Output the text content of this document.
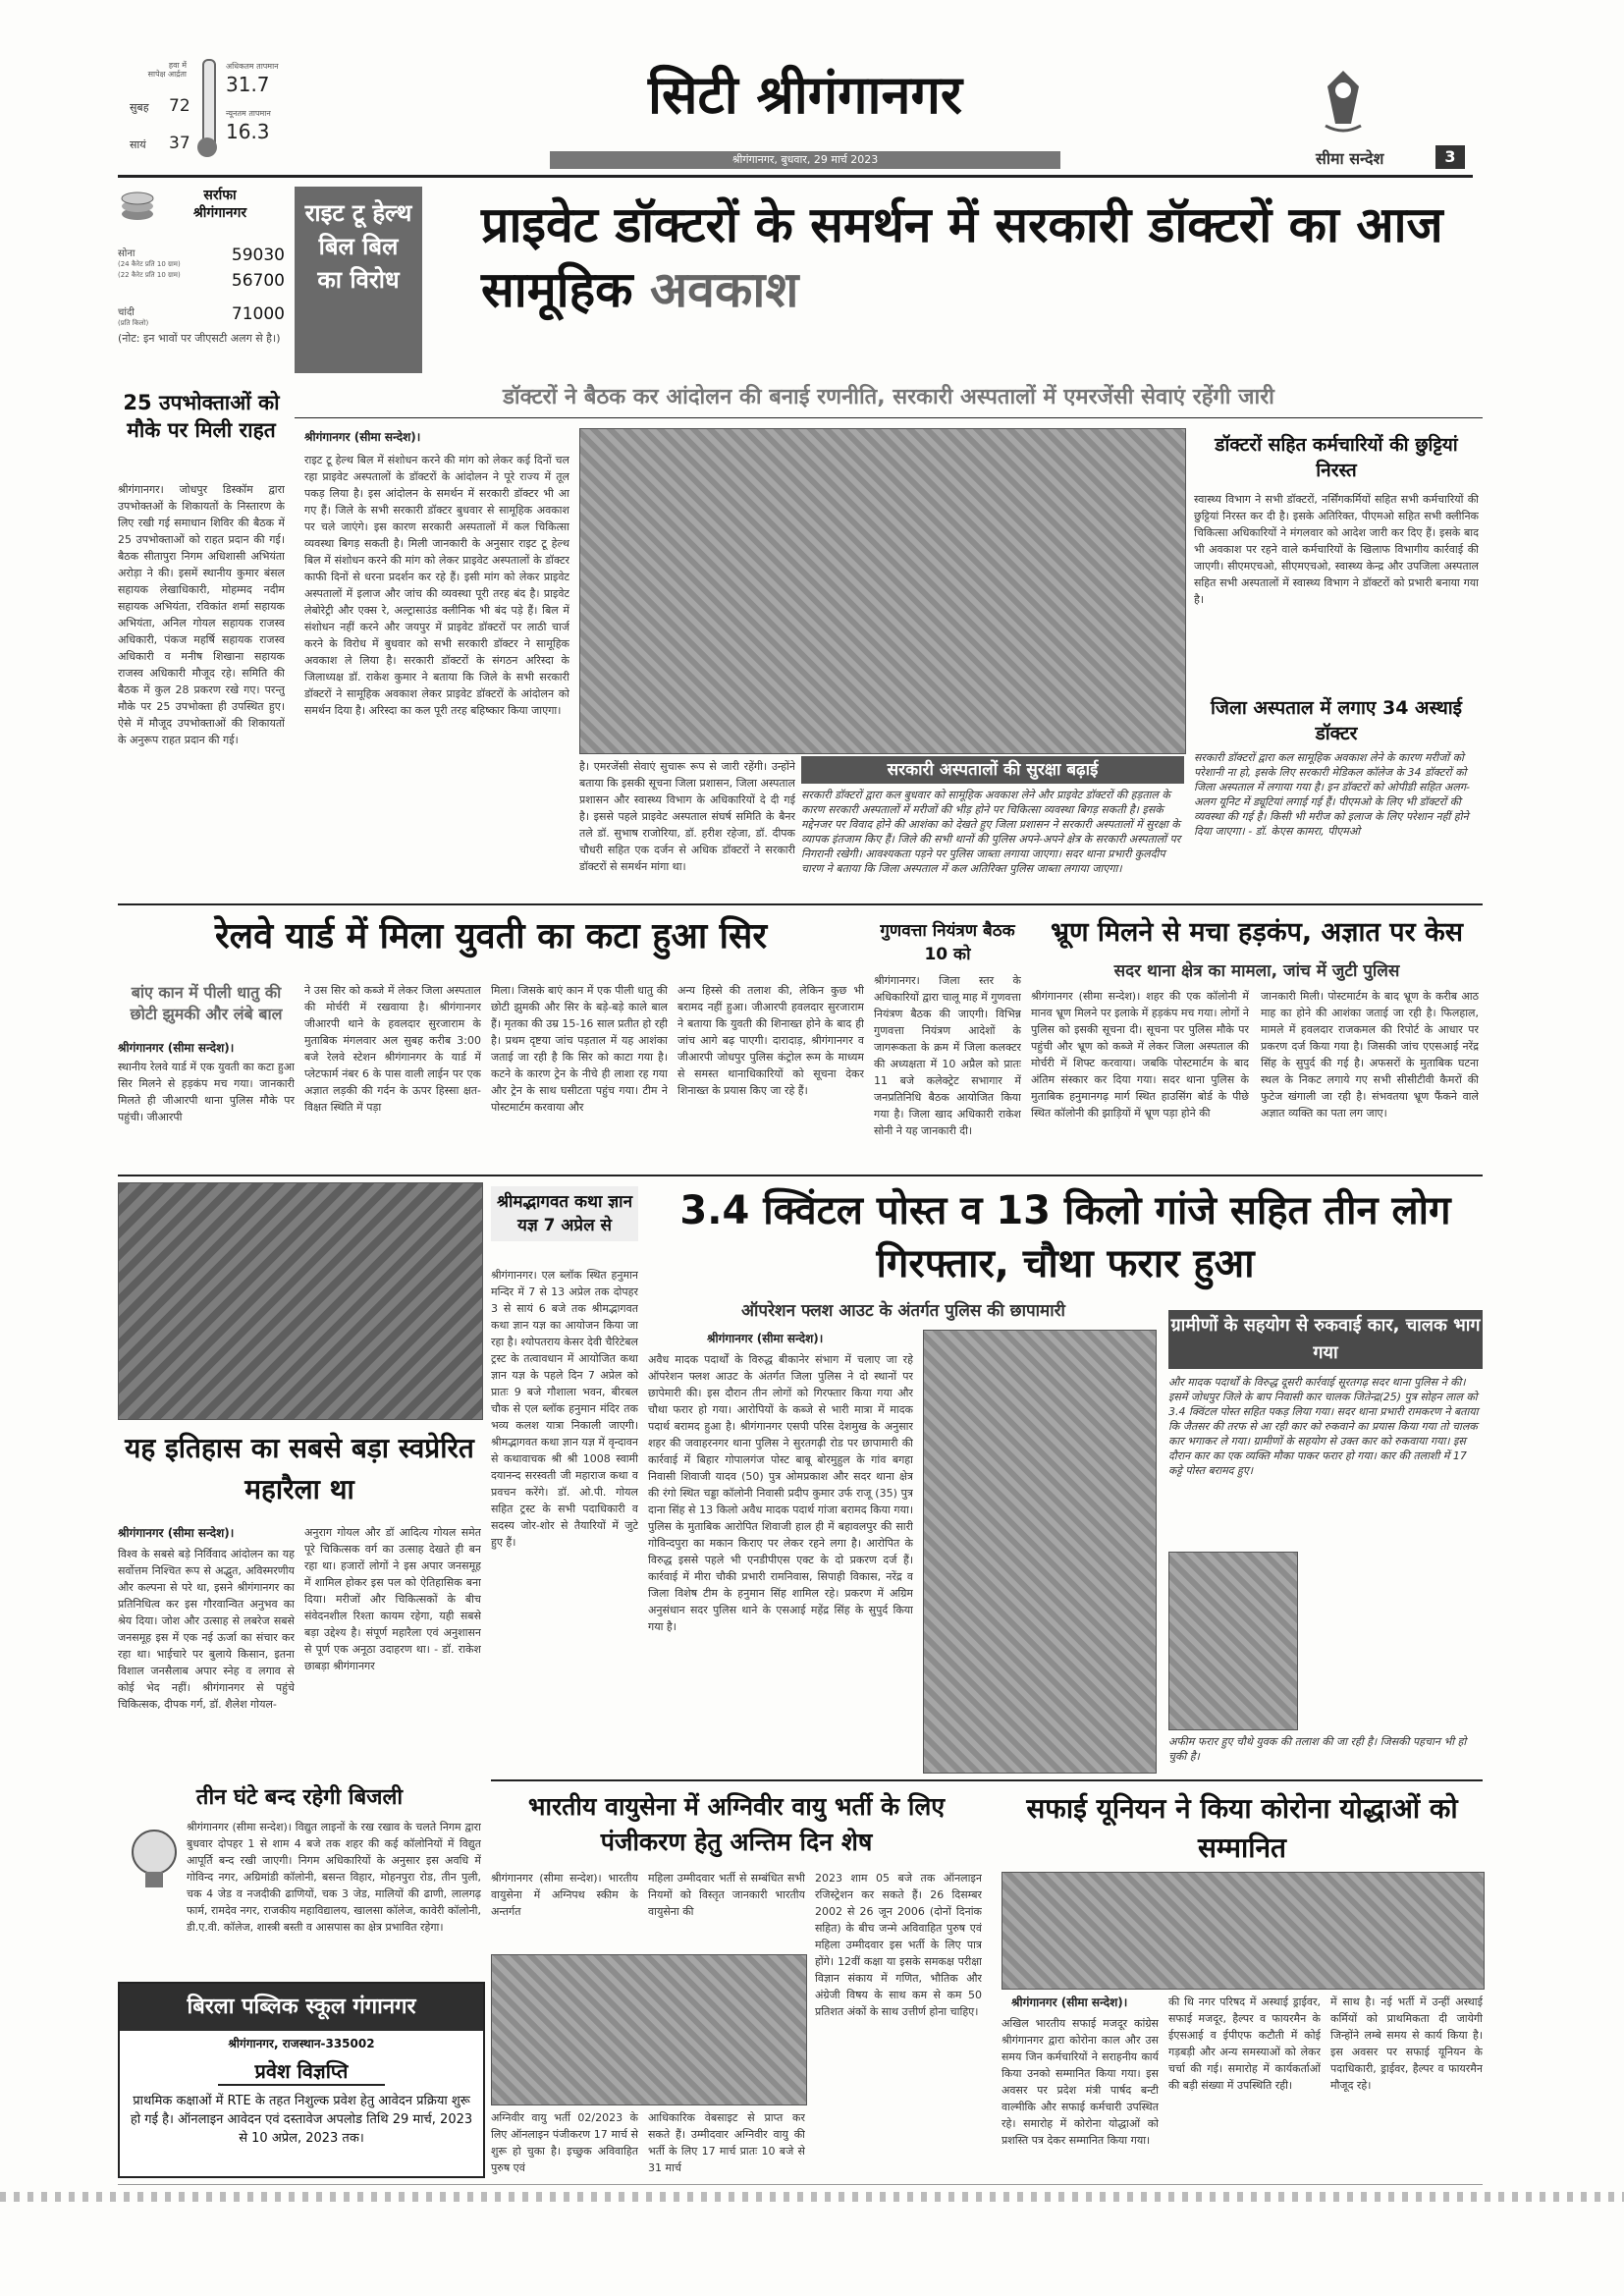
हवा में
सापेक्ष आर्द्रता
सुबह 72
सायं 37
अधिकतम तापमान
31.7
न्यूनतम तापमान
16.3
सिटी श्रीगंगानगर
श्रीगंगानगर, बुधवार, 29 मार्च 2023	सीमा सन्देश	3
सर्राफा
श्रीगंगानगर
सोना
(24 कैरेट प्रति 10 ग्राम)	59030
(22 कैरेट प्रति 10 ग्राम)	56700
चांदी
(प्रति किलो)	71000
(नोट: इन भावों पर जीएसटी अलग से है।)
राइट टू हेल्थ बिल बिल का विरोध
प्राइवेट डॉक्टरों के समर्थन में सरकारी डॉक्टरों का आज सामूहिक अवकाश
डॉक्टरों ने बैठक कर आंदोलन की बनाई रणनीति, सरकारी अस्पतालों में एमरजेंसी सेवाएं रहेंगी जारी
25 उपभोक्ताओं को मौके पर मिली राहत
श्रीगंगानगर। जोधपुर डिस्कॉम द्वारा उपभोक्तओं के शिकायतों के निस्तारण के लिए रखी गई समाधान शिविर की बैठक में 25 उपभोक्ताओं को राहत प्रदान की गई। बैठक सीतापुरा निगम अधिशासी अभियंता अरोड़ा ने की। इसमें स्थानीय कुमार बंसल सहायक लेखाधिकारी, मोहम्मद नदीम सहायक अभियंता, रविकांत शर्मा सहायक अभियंता, अनिल गोयल सहायक राजस्व अधिकारी, पंकज महर्षि सहायक राजस्व अधिकारी व मनीष शिखाना सहायक राजस्व अधिकारी मौजूद रहे। समिति की बैठक में कुल 28 प्रकरण रखे गए। परन्तु मौके पर 25 उपभोक्ता ही उपस्थित हुए। ऐसे में मौजूद उपभोक्ताओं की शिकायतों के अनुरूप राहत प्रदान की गई।
श्रीगंगानगर (सीमा सन्देश)।
राइट टू हेल्थ बिल में संशोधन करने की मांग को लेकर कई दिनों चल रहा प्राइवेट अस्पतालों के डॉक्टरों के आंदोलन ने पूरे राज्य में तूल पकड़ लिया है। इस आंदोलन के समर्थन में सरकारी डॉक्टर भी आ गए हैं। जिले के सभी सरकारी डॉक्टर बुधवार से सामूहिक अवकाश पर चले जाएंगे। इस कारण सरकारी अस्पतालों में कल चिकित्सा व्यवस्था बिगड़ सकती है। मिली जानकारी के अनुसार राइट टू हेल्थ बिल में संशोधन करने की मांग को लेकर प्राइवेट अस्पतालों के डॉक्टर काफी दिनों से धरना प्रदर्शन कर रहे हैं। इसी मांग को लेकर प्राइवेट अस्पतालों में इलाज और जांच की व्यवस्था पूरी तरह बंद है। प्राइवेट लेबोरेट्री और एक्स रे, अल्ट्रासाउंड क्लीनिक भी बंद पड़े हैं। बिल में संशोधन नहीं करने और जयपुर में प्राइवेट डॉक्टरों पर लाठी चार्ज करने के विरोध में बुधवार को सभी सरकारी डॉक्टर ने सामूहिक अवकाश ले लिया है। सरकारी डॉक्टरों के संगठन अरिस्दा के जिलाध्यक्ष डॉ. राकेश कुमार ने बताया कि जिले के सभी सरकारी डॉक्टरों ने सामूहिक अवकाश लेकर प्राइवेट डॉक्टरों के आंदोलन को समर्थन दिया है। अरिस्दा का कल पूरी तरह बहिष्कार किया जाएगा।
है। एमरजेंसी सेवाएं सुचारू रूप से जारी रहेंगी। उन्होंने बताया कि इसकी सूचना जिला प्रशासन, जिला अस्पताल प्रशासन और स्वास्थ्य विभाग के अधिकारियों दे दी गई है। इससे पहले प्राइवेट अस्पताल संघर्ष समिति के बैनर तले डॉ. सुभाष राजोरिया, डॉ. हरीश रहेजा, डॉ. दीपक चौधरी सहित एक दर्जन से अधिक डॉक्टरों ने सरकारी डॉक्टरों से समर्थन मांगा था।
सरकारी अस्पतालों की सुरक्षा बढ़ाई
सरकारी डॉक्टरों द्वारा कल बुधवार को सामूहिक अवकाश लेने और प्राइवेट डॉक्टरों की हड़ताल के कारण सरकारी अस्पतालों में मरीजों की भीड़ होने पर चिकित्सा व्यवस्था बिगड़ सकती है। इसके मद्देनजर पर विवाद होने की आशंका को देखते हुए जिला प्रशासन ने सरकारी अस्पतालों में सुरक्षा के व्यापक इंतजाम किए हैं। जिले की सभी थानों की पुलिस अपने-अपने क्षेत्र के सरकारी अस्पतालों पर निगरानी रखेगी। आवश्यकता पड़ने पर पुलिस जाब्ता लगाया जाएगा। सदर थाना प्रभारी कुलदीप चारण ने बताया कि जिला अस्पताल में कल अतिरिक्त पुलिस जाब्ता लगाया जाएगा।
डॉक्टरों सहित कर्मचारियों की छुट्टियां निरस्त
स्वास्थ्य विभाग ने सभी डॉक्टरों, नर्सिंगकर्मियों सहित सभी कर्मचारियों की छुट्टियां निरस्त कर दी है। इसके अतिरिक्त, पीएमओ सहित सभी क्लीनिक चिकित्सा अधिकारियों ने मंगलवार को आदेश जारी कर दिए हैं। इसके बाद भी अवकाश पर रहने वाले कर्मचारियों के खिलाफ विभागीय कार्रवाई की जाएगी। सीएमएचओ, सीएमएचओ, स्वास्थ्य केन्द्र और उपजिला अस्पताल सहित सभी अस्पतालों में स्वास्थ्य विभाग ने डॉक्टरों को प्रभारी बनाया गया है।
जिला अस्पताल में लगाए 34 अस्थाई डॉक्टर
सरकारी डॉक्टरों द्वारा कल सामूहिक अवकाश लेने के कारण मरीजों को परेशानी ना हो, इसके लिए सरकारी मेडिकल कॉलेज के 34 डॉक्टरों को जिला अस्पताल में लगाया गया है। इन डॉक्टरों को ओपीडी सहित अलग-अलग यूनिट में ड्यूटियां लगाई गई हैं। पीएमओ के लिए भी डॉक्टरों की व्यवस्था की गई है। किसी भी मरीज को इलाज के लिए परेशान नहीं होने दिया जाएगा। - डॉ. केएस कामरा, पीएमओ
रेलवे यार्ड में मिला युवती का कटा हुआ सिर
बांए कान में पीली धातु की छोटी झुमकी और लंबे बाल
श्रीगंगानगर (सीमा सन्देश)।
स्थानीय रेलवे यार्ड में एक युवती का कटा हुआ सिर मिलने से हड़कंप मच गया। जानकारी मिलते ही जीआरपी थाना पुलिस मौके पर पहुंची। जीआरपी
ने उस सिर को कब्जे में लेकर जिला अस्पताल की मोर्चरी में रखवाया है। श्रीगंगानगर जीआरपी थाने के हवलदार सुरजाराम के मुताबिक मंगलवार अल सुबह करीब 3:00 बजे रेलवे स्टेशन श्रीगंगानगर के यार्ड में प्लेटफार्म नंबर 6 के पास वाली लाईन पर एक अज्ञात लड़की की गर्दन के ऊपर हिस्सा क्षत-विक्षत स्थिति में पड़ा
मिला। जिसके बाएं कान में एक पीली धातु की छोटी झुमकी और सिर के बड़े-बड़े काले बाल हैं। मृतका की उम्र 15-16 साल प्रतीत हो रही है। प्रथम दृष्टया जांच पड़ताल में यह आशंका जताई जा रही है कि सिर को काटा गया है। कटने के कारण ट्रेन के नीचे ही लाशा रह गया और ट्रेन के साथ घसीटता पहुंच गया। टीम ने पोस्टमार्टम करवाया और
अन्य हिस्से की तलाश की, लेकिन कुछ भी बरामद नहीं हुआ। जीआरपी हवलदार सुरजाराम ने बताया कि युवती की शिनाख्त होने के बाद ही जांच आगे बढ़ पाएगी। दारादाड़, श्रीगंगानगर व जीआरपी जोधपुर पुलिस कंट्रोल रूम के माध्यम से समस्त थानाधिकारियों को सूचना देकर शिनाख्त के प्रयास किए जा रहे हैं।
गुणवत्ता नियंत्रण बैठक 10 को
श्रीगंगानगर। जिला स्तर के अधिकारियों द्वारा चालू माह में गुणवत्ता नियंत्रण बैठक की जाएगी। विभिन्न गुणवत्ता नियंत्रण आदेशों के जागरूकता के क्रम में जिला कलक्टर की अध्यक्षता में 10 अप्रैल को प्रातः 11 बजे कलेक्ट्रेट सभागार में जनप्रतिनिधि बैठक आयोजित किया गया है। जिला खाद अधिकारी राकेश सोनी ने यह जानकारी दी।
भ्रूण मिलने से मचा हड़कंप, अज्ञात पर केस
सदर थाना क्षेत्र का मामला, जांच में जुटी पुलिस
श्रीगंगानगर (सीमा सन्देश)। शहर की एक कॉलोनी में मानव भ्रूण मिलने पर इलाके में हड़कंप मच गया। लोगों ने पुलिस को इसकी सूचना दी। सूचना पर पुलिस मौके पर पहुंची और भ्रूण को कब्जे में लेकर जिला अस्पताल की मोर्चरी में शिफ्ट करवाया। जबकि पोस्टमार्टम के बाद अंतिम संस्कार कर दिया गया। सदर थाना पुलिस के मुताबिक हनुमानगढ़ मार्ग स्थित हाउसिंग बोर्ड के पीछे स्थित कॉलोनी की झाड़ियों में भ्रूण पड़ा होने की
जानकारी मिली। पोस्टमार्टम के बाद भ्रूण के करीब आठ माह का होने की आशंका जताई जा रही है। फिलहाल, मामले में हवलदार राजकमल की रिपोर्ट के आधार पर प्रकरण दर्ज किया गया है। जिसकी जांच एएसआई नरेंद्र सिंह के सुपुर्द की गई है। अफसरों के मुताबिक घटना स्थल के निकट लगाये गए सभी सीसीटीवी कैमरों की फुटेज खंगाली जा रही है। संभवतया भ्रूण फैंकने वाले अज्ञात व्यक्ति का पता लग जाए।
यह इतिहास का सबसे बड़ा स्वप्रेरित महारैला था
श्रीगंगानगर (सीमा सन्देश)।
विश्व के सबसे बड़े निर्विवाद आंदोलन का यह सर्वोत्तम निश्चित रूप से अद्भुत, अविस्मरणीय और कल्पना से परे था, इसने श्रीगंगानगर का प्रतिनिधित्व कर इस गौरवान्वित अनुभव का श्रेय दिया। जोश और उत्साह से लबरेज सबसे जनसमूह इस में एक नई ऊर्जा का संचार कर रहा था। भाईचारे पर बुलाये किसान, इतना विशाल जनसैलाब अपार स्नेह व लगाव से कोई भेद नहीं। श्रीगंगानगर से पहुंचे चिकित्सक, दीपक गर्ग, डॉ. शैलेश गोयल-
अनुराग गोयल और डॉ आदित्य गोयल समेत पूरे चिकित्सक वर्ग का उत्साह देखते ही बन रहा था। हजारों लोगों ने इस अपार जनसमूह में शामिल होकर इस पल को ऐतिहासिक बना दिया। मरीजों और चिकित्सकों के बीच संवेदनशील रिश्ता कायम रहेगा, यही सबसे बड़ा उद्देश्य है। संपूर्ण महारैला एवं अनुशासन से पूर्ण एक अनूठा उदाहरण था। - डॉ. राकेश छाबड़ा श्रीगंगानगर
श्रीमद्भागवत कथा ज्ञान यज्ञ 7 अप्रेल से
श्रीगंगानगर। एल ब्लॉक स्थित हनुमान मन्दिर में 7 से 13 अप्रेल तक दोपहर 3 से सायं 6 बजे तक श्रीमद्भागवत कथा ज्ञान यज्ञ का आयोजन किया जा रहा है। श्योपतराय केसर देवी चैरिटेबल ट्रस्ट के तत्वावधान में आयोजित कथा ज्ञान यज्ञ के पहले दिन 7 अप्रेल को प्रातः 9 बजे गौशाला भवन, बीरबल चौक से एल ब्लॉक हनुमान मंदिर तक भव्य कलश यात्रा निकाली जाएगी। श्रीमद्भागवत कथा ज्ञान यज्ञ में वृन्दावन से कथावाचक श्री श्री 1008 स्वामी दयानन्द सरस्वती जी महाराज कथा व प्रवचन करेंगे। डॉ. ओ.पी. गोयल सहित ट्रस्ट के सभी पदाधिकारी व सदस्य जोर-शोर से तैयारियों में जुटे हुए हैं।
3.4 क्विंटल पोस्त व 13 किलो गांजे सहित तीन लोग गिरफ्तार, चौथा फरार हुआ
ऑपरेशन फ्लश आउट के अंतर्गत पुलिस की छापामारी
श्रीगंगानगर (सीमा सन्देश)।
अवैध मादक पदार्थों के विरुद्ध बीकानेर संभाग में चलाए जा रहे ऑपरेशन फ्लश आउट के अंतर्गत जिला पुलिस ने दो स्थानों पर छापेमारी की। इस दौरान तीन लोगों को गिरफ्तार किया गया और चौथा फरार हो गया। आरोपियों के कब्जे से भारी मात्रा में मादक पदार्थ बरामद हुआ है। श्रीगंगानगर एसपी परिस देशमुख के अनुसार शहर की जवाहरनगर थाना पुलिस ने सुरतगढ़ी रोड पर छापामारी की कार्रवाई में बिहार गोपालगंज पोस्ट बाबू बोरमुहुल के गांव बगहा निवासी शिवाजी यादव (50) पुत्र ओमप्रकाश और सदर थाना क्षेत्र की रंगो स्थित चड्डा कॉलोनी निवासी प्रदीप कुमार उर्फ राजू (35) पुत्र दाना सिंह से 13 किलो अवैध मादक पदार्थ गांजा बरामद किया गया। पुलिस के मुताबिक आरोपित शिवाजी हाल ही में बहावलपुर की सारी गोविन्दपुरा का मकान किराए पर लेकर रहने लगा है। आरोपित के विरुद्ध इससे पहले भी एनडीपीएस एक्ट के दो प्रकरण दर्ज हैं। कार्रवाई में मीरा चौकी प्रभारी रामनिवास, सिपाही विकास, नरेंद्र व जिला विशेष टीम के हनुमान सिंह शामिल रहे। प्रकरण में अग्रिम अनुसंधान सदर पुलिस थाने के एसआई महेंद्र सिंह के सुपुर्द किया गया है।
ग्रामीणों के सहयोग से रुकवाई कार, चालक भाग गया
और मादक पदार्थों के विरुद्ध दूसरी कार्रवाई सूरतगढ़ सदर थाना पुलिस ने की। इसमें जोधपुर जिले के बाप निवासी कार चालक जितेन्द्र(25) पुत्र सोहन लाल को 3.4 क्विंटल पोस्त सहित पकड़ लिया गया। सदर थाना प्रभारी रामकरण ने बताया कि जैतसर की तरफ से आ रही कार को रुकवाने का प्रयास किया गया तो चालक कार भगाकर ले गया। ग्रामीणों के सहयोग से उक्त कार को रुकवाया गया। इस दौरान कार का एक व्यक्ति मौका पाकर फरार हो गया। कार की तलाशी में 17 कट्टे पोस्त बरामद हुए।
अफीम फरार हुए चौथे युवक की तलाश की जा रही है। जिसकी पहचान भी हो चुकी है।
तीन घंटे बन्द रहेगी बिजली
श्रीगंगानगर (सीमा सन्देश)। विद्युत लाइनों के रख रखाव के चलते निगम द्वारा बुधवार दोपहर 1 से शाम 4 बजे तक शहर की कई कॉलोनियों में विद्युत आपूर्ति बन्द रखी जाएगी। निगम अधिकारियों के अनुसार इस अवधि में गोविन्द नगर, अग्रिमांडी कॉलोनी, बसन्त विहार, मोहनपुरा रोड, तीन पुली, चक 4 जेड व नजदीकी ढाणियों, चक 3 जेड, मालियों की ढाणी, लालगढ़ फार्म, रामदेव नगर, राजकीय महाविद्यालय, खालसा कॉलेज, कावेरी कॉलोनी, डी.ए.वी. कॉलेज, शास्त्री बस्ती व आसपास का क्षेत्र प्रभावित रहेगा।
बिरला पब्लिक स्कूल गंगानगर
श्रीगंगानगर, राजस्थान-335002
प्रवेश विज्ञप्ति
प्राथमिक कक्षाओं में RTE के तहत निशुल्क प्रवेश हेतु आवेदन प्रक्रिया शुरू हो गई है। ऑनलाइन आवेदन एवं दस्तावेज अपलोड तिथि 29 मार्च, 2023 से 10 अप्रेल, 2023 तक।
भारतीय वायुसेना में अग्निवीर वायु भर्ती के लिए पंजीकरण हेतु अन्तिम दिन शेष
श्रीगंगानगर (सीमा सन्देश)। भारतीय वायुसेना में अग्निपथ स्कीम के अन्तर्गत
महिला उम्मीदवार भर्ती से सम्बंधित सभी नियमों को विस्तृत जानकारी भारतीय वायुसेना की
2023 शाम 05 बजे तक ऑनलाइन रजिस्ट्रेशन कर सकते हैं। 26 दिसम्बर 2002 से 26 जून 2006 (दोनों दिनांक सहित) के बीच जन्मे अविवाहित पुरुष एवं महिला उम्मीदवार इस भर्ती के लिए पात्र होंगे। 12वीं कक्षा या इसके समकक्ष परीक्षा विज्ञान संकाय में गणित, भौतिक और अंग्रेजी विषय के साथ कम से कम 50 प्रतिशत अंकों के साथ उत्तीर्ण होना चाहिए।
अग्निवीर वायु भर्ती 02/2023 के लिए ऑनलाइन पंजीकरण 17 मार्च से शुरू हो चुका है। इच्छुक अविवाहित पुरुष एवं
आधिकारिक वेबसाइट से प्राप्त कर सकते हैं। उम्मीदवार अग्निवीर वायु की भर्ती के लिए 17 मार्च प्रातः 10 बजे से 31 मार्च
सफाई यूनियन ने किया कोरोना योद्धाओं को सम्मानित
श्रीगंगानगर (सीमा सन्देश)।
अखिल भारतीय सफाई मजदूर कांग्रेस श्रीगंगानगर द्वारा कोरोना काल और उस समय जिन कर्मचारियों ने सराहनीय कार्य किया उनको सम्मानित किया गया। इस अवसर पर प्रदेश मंत्री पार्षद बन्टी वाल्मीकि और सफाई कर्मचारी उपस्थित रहे। समारोह में कोरोना योद्धाओं को प्रशस्ति पत्र देकर सम्मानित किया गया।
की थि नगर परिषद में अस्थाई ड्राईवर, सफाई मजदूर, हैल्पर व फायरमैन के ईएसआई व ईपीएफ कटौती में कोई गड़बड़ी और अन्य समस्याओं को लेकर चर्चा की गई। समारोह में कार्यकर्ताओं की बड़ी संख्या में उपस्थिति रही।
में साथ है। नई भर्ती में उन्हीं अस्थाई कर्मियों को प्राथमिकता दी जायेगी जिन्होंने लम्बे समय से कार्य किया है। इस अवसर पर सफाई यूनियन के पदाधिकारी, ड्राईवर, हैल्पर व फायरमैन मौजूद रहे।
